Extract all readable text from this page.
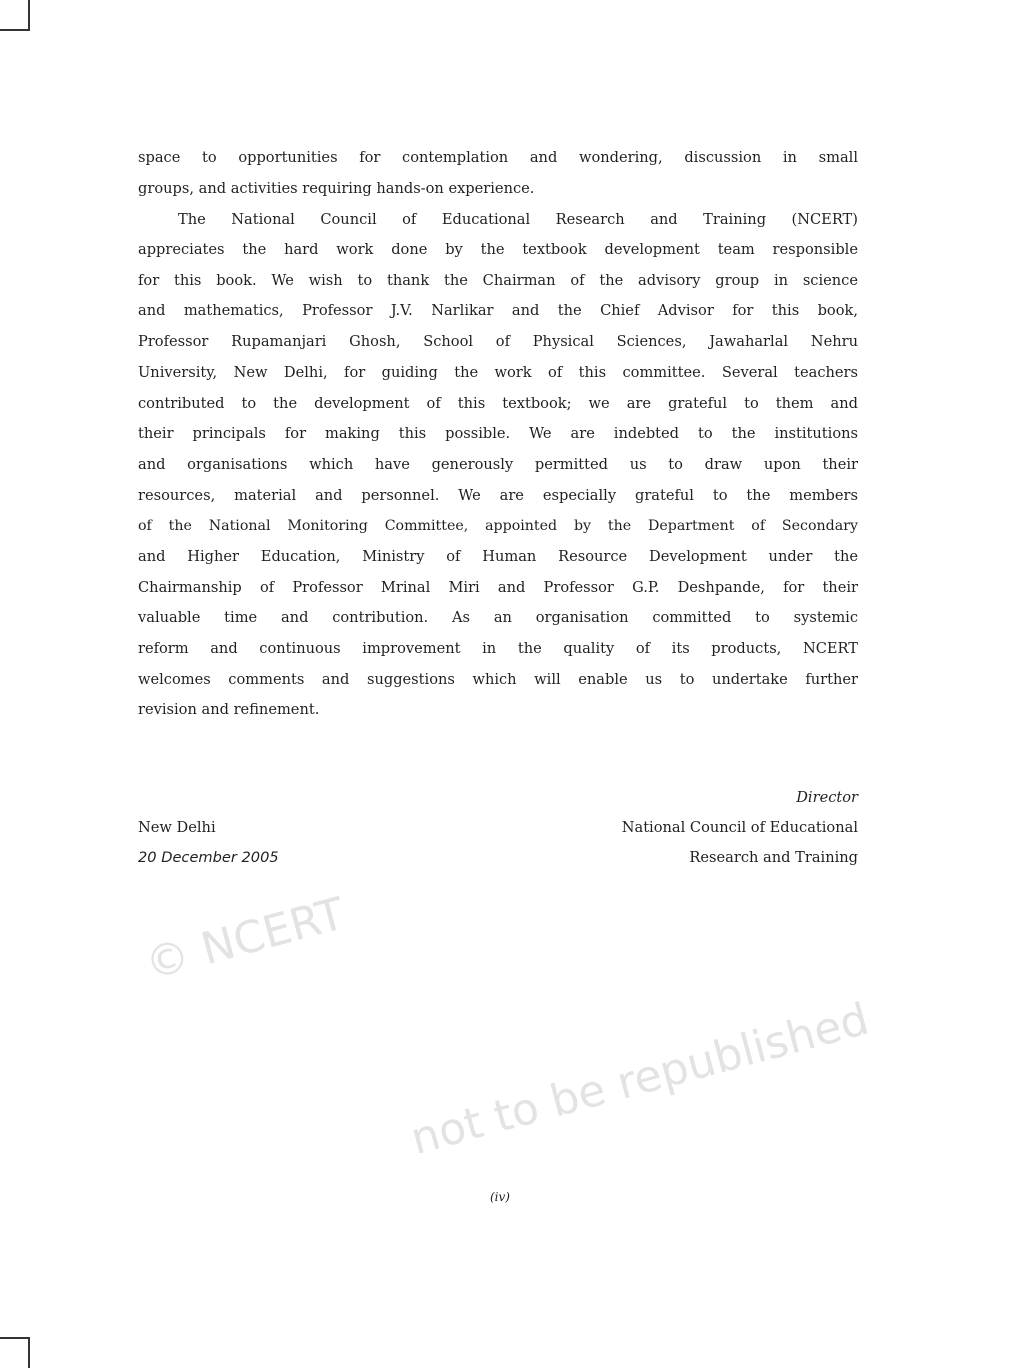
space to opportunities for contemplation and wondering, discussion in small
groups, and activities requiring hands-on experience.
The National Council of Educational Research and Training (NCERT)
appreciates the hard work done by the textbook development team responsible
for this book. We wish to thank the Chairman of the advisory group in science
and mathematics, Professor J.V. Narlikar and the Chief Advisor for this book,
Professor Rupamanjari Ghosh, School of Physical Sciences, Jawaharlal Nehru
University, New Delhi, for guiding the work of this committee. Several teachers
contributed to the development of this textbook; we are grateful to them and
their principals for making this possible. We are indebted to the institutions
and organisations which have generously permitted us to draw upon their
resources, material and personnel. We are especially grateful to the members
of the National Monitoring Committee, appointed by the Department of Secondary
and Higher Education, Ministry of Human Resource Development under the
Chairmanship of Professor Mrinal Miri and Professor G.P. Deshpande, for their
valuable time and contribution. As an organisation committed to systemic
reform and continuous improvement in the quality of its products, NCERT
welcomes comments and suggestions which will enable us to undertake further
revision and refinement.
Director
New Delhi	National Council of Educational
20 December 2005	Research and Training
© NCERT
not to be republished
(iv)
